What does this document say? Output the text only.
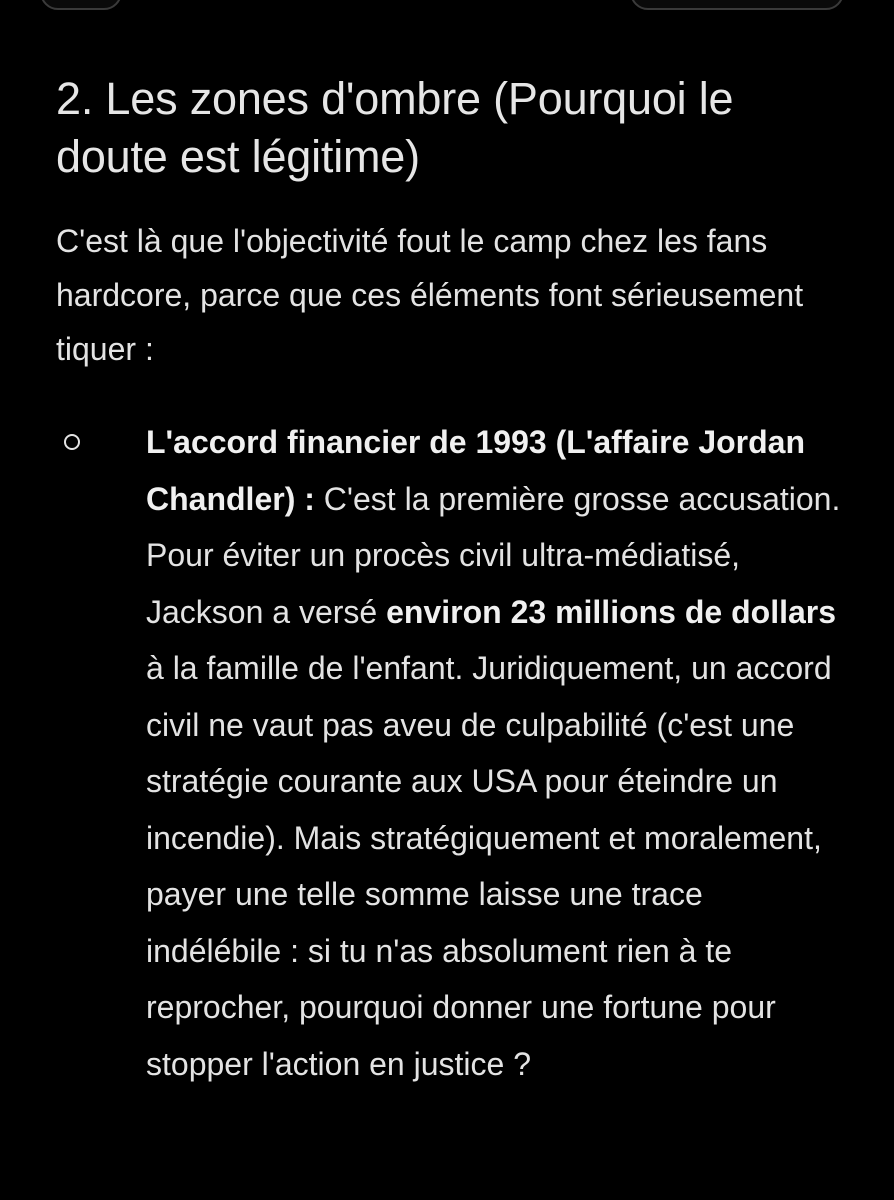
2. Les zones d'ombre (Pourquoi le doute est légitime)

C'est là que l'objectivité fout le camp chez les fans hardcore, parce que ces éléments font sérieusement tiquer :

L'accord financier de 1993 (L'affaire Jordan Chandler) : C'est la première grosse accusation. Pour éviter un procès civil ultra-médiatisé, Jackson a versé environ 23 millions de dollars à la famille de l'enfant. Juridiquement, un accord civil ne vaut pas aveu de culpabilité (c'est une stratégie courante aux USA pour éteindre un incendie). Mais stratégiquement et moralement, payer une telle somme laisse une trace indélébile : si tu n'as absolument rien à te reprocher, pourquoi donner une fortune pour stopper l'action en justice ?
